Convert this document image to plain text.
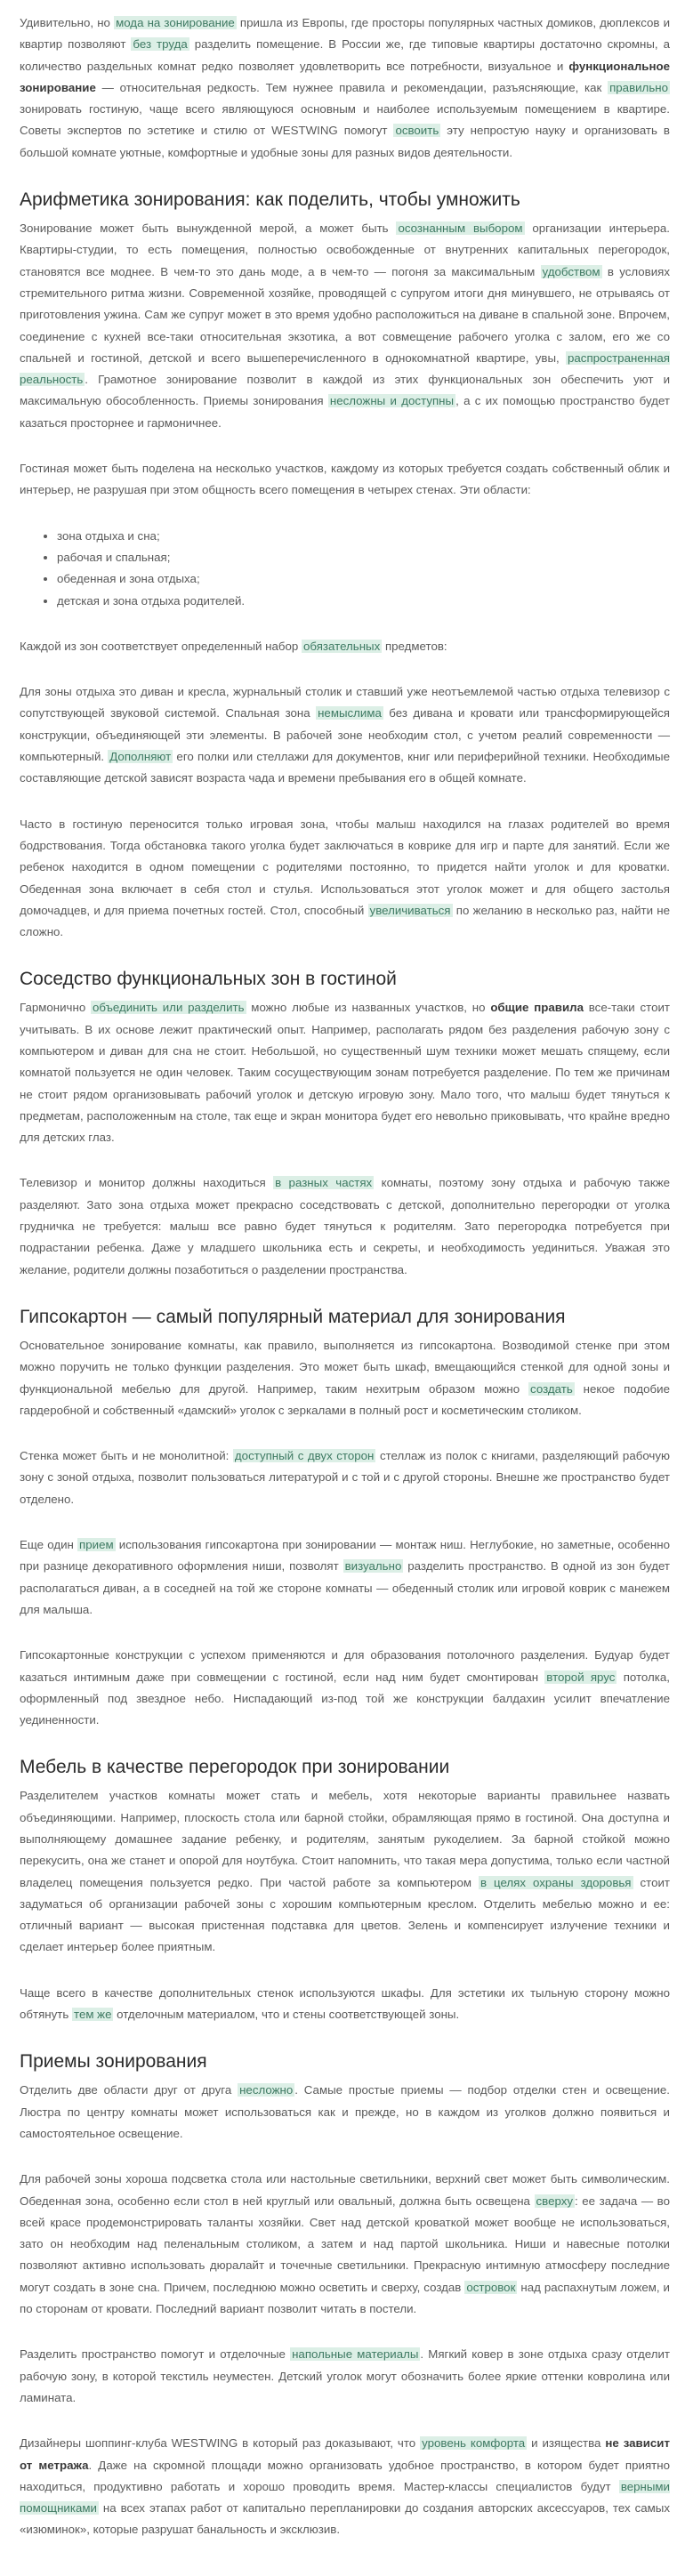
Удивительно, но мода на зонирование пришла из Европы, где просторы популярных частных домиков, дюплексов и квартир позволяют без труда разделить помещение. В России же, где типовые квартиры достаточно скромны, а количество раздельных комнат редко позволяет удовлетворить все потребности, визуальное и функциональное зонирование — относительная редкость. Тем нужнее правила и рекомендации, разъясняющие, как правильно зонировать гостиную, чаще всего являющуюся основным и наиболее используемым помещением в квартире. Советы экспертов по эстетике и стилю от WESTWING помогут освоить эту непростую науку и организовать в большой комнате уютные, комфортные и удобные зоны для разных видов деятельности.

Арифметика зонирования: как поделить, чтобы умножить

Зонирование может быть вынужденной мерой, а может быть осознанным выбором организации интерьера. Квартиры-студии, то есть помещения, полностью освобожденные от внутренних капитальных перегородок, становятся все моднее. В чем-то это дань моде, а в чем-то — погоня за максимальным удобством в условиях стремительного ритма жизни. Современной хозяйке, проводящей с супругом итоги дня минувшего, не отрываясь от приготовления ужина. Сам же супруг может в это время удобно расположиться на диване в спальной зоне. Впрочем, соединение с кухней все-таки относительная экзотика, а вот совмещение рабочего уголка с залом, его же со спальней и гостиной, детской и всего вышеперечисленного в однокомнатной квартире, увы, распространенная реальность . Грамотное зонирование позволит в каждой из этих функциональных зон обеспечить уют и максимальную обособленность. Приемы зонирования несложны и доступны , а с их помощью пространство будет казаться просторнее и гармоничнее.

Гостиная может быть поделена на несколько участков, каждому из которых требуется создать собственный облик и интерьер, не разрушая при этом общность всего помещения в четырех стенах. Эти области:

• зона отдыха и сна;
• рабочая и спальная;
• обеденная и зона отдыха;
• детская и зона отдыха родителей.

Каждой из зон соответствует определенный набор обязательных предметов:

Для зоны отдыха это диван и кресла, журнальный столик и ставший уже неотъемлемой частью отдыха телевизор с сопутствующей звуковой системой. Спальная зона немыслима без дивана и кровати или трансформирующейся конструкции, объединяющей эти элементы. В рабочей зоне необходим стол, с учетом реалий современности — компьютерный. Дополняют его полки или стеллажи для документов, книг или периферийной техники. Необходимые составляющие детской зависят возраста чада и времени пребывания его в общей комнате.

Часто в гостиную переносится только игровая зона, чтобы малыш находился на глазах родителей во время бодрствования. Тогда обстановка такого уголка будет заключаться в коврике для игр и парте для занятий. Если же ребенок находится в одном помещении с родителями постоянно, то придется найти уголок и для кроватки. Обеденная зона включает в себя стол и стулья. Использоваться этот уголок может и для общего застолья домочадцев, и для приема почетных гостей. Стол, способный увеличиваться по желанию в несколько раз, найти не сложно.

Соседство функциональных зон в гостиной

Гармонично объединить или разделить можно любые из названных участков, но общие правила все-таки стоит учитывать. В их основе лежит практический опыт. Например, располагать рядом без разделения рабочую зону с компьютером и диван для сна не стоит. Небольшой, но существенный шум техники может мешать спящему, если комнатой пользуется не один человек. Таким сосуществующим зонам потребуется разделение. По тем же причинам не стоит рядом организовывать рабочий уголок и детскую игровую зону. Мало того, что малыш будет тянуться к предметам, расположенным на столе, так еще и экран монитора будет его невольно приковывать, что крайне вредно для детских глаз.

Телевизор и монитор должны находиться в разных частях комнаты, поэтому зону отдыха и рабочую также разделяют. Зато зона отдыха может прекрасно соседствовать с детской, дополнительно перегородки от уголка грудничка не требуется: малыш все равно будет тянуться к родителям. Зато перегородка потребуется при подрастании ребенка. Даже у младшего школьника есть и секреты, и необходимость уединиться. Уважая это желание, родители должны позаботиться о разделении пространства.

Гипсокартон — самый популярный материал для зонирования

Основательное зонирование комнаты, как правило, выполняется из гипсокартона. Возводимой стенке при этом можно поручить не только функции разделения. Это может быть шкаф, вмещающийся стенкой для одной зоны и функциональной мебелью для другой. Например, таким нехитрым образом можно создать некое подобие гардеробной и собственный «дамский» уголок с зеркалами в полный рост и косметическим столиком.

Стенка может быть и не монолитной: доступный с двух сторон стеллаж из полок с книгами, разделяющий рабочую зону с зоной отдыха, позволит пользоваться литературой и с той и с другой стороны. Внешне же пространство будет отделено.

Еще один прием использования гипсокартона при зонировании — монтаж ниш. Неглубокие, но заметные, особенно при разнице декоративного оформления ниши, позволят визуально разделить пространство. В одной из зон будет располагаться диван, а в соседней на той же стороне комнаты — обеденный столик или игровой коврик с манежем для малыша.

Гипсокартонные конструкции с успехом применяются и для образования потолочного разделения. Будуар будет казаться интимным даже при совмещении с гостиной, если над ним будет смонтирован второй ярус потолка, оформленный под звездное небо. Ниспадающий из-под той же конструкции балдахин усилит впечатление уединенности.

Мебель в качестве перегородок при зонировании

Разделителем участков комнаты может стать и мебель, хотя некоторые варианты правильнее назвать объединяющими. Например, плоскость стола или барной стойки, обрамляющая прямо в гостиной. Она доступна и выполняющему домашнее задание ребенку, и родителям, занятым рукоделием. За барной стойкой можно перекусить, она же станет и опорой для ноутбука. Стоит напомнить, что такая мера допустима, только если частной владелец помещения пользуется редко. При частой работе за компьютером в целях охраны здоровья стоит задуматься об организации рабочей зоны с хорошим компьютерным креслом. Отделить мебелью можно и ее: отличный вариант — высокая пристенная подставка для цветов. Зелень и компенсирует излучение техники и сделает интерьер более приятным.

Чаще всего в качестве дополнительных стенок используются шкафы. Для эстетики их тыльную сторону можно обтянуть тем же отделочным материалом, что и стены соответствующей зоны.

Приемы зонирования

Отделить две области друг от друга несложно . Самые простые приемы — подбор отделки стен и освещение. Люстра по центру комнаты может использоваться как и прежде, но в каждом из уголков должно появиться и самостоятельное освещение.

Для рабочей зоны хороша подсветка стола или настольные светильники, верхний свет может быть символическим. Обеденная зона, особенно если стол в ней круглый или овальный, должна быть освещена сверху : ее задача — во всей красе продемонстрировать таланты хозяйки. Свет над детской кроваткой может вообще не использоваться, зато он необходим над пеленальным столиком, а затем и над партой школьника. Ниши и навесные потолки позволяют активно использовать дюралайт и точечные светильники. Прекрасную интимную атмосферу последние могут создать в зоне сна. Причем, последнюю можно осветить и сверху, создав островок над распахнутым ложем, и по сторонам от кровати. Последний вариант позволит читать в постели.

Разделить пространство помогут и отделочные напольные материалы . Мягкий ковер в зоне отдыха сразу отделит рабочую зону, в которой текстиль неуместен. Детский уголок могут обозначить более яркие оттенки ковролина или ламината.

Дизайнеры шоппинг-клуба WESTWING в который раз доказывают, что уровень комфорта и изящества не зависит от метража. Даже на скромной площади можно организовать удобное пространство, в котором будет приятно находиться, продуктивно работать и хорошо проводить время. Мастер-классы специалистов будут верными помощниками на всех этапах работ от капитально перепланировки до создания авторских аксессуаров, тех самых «изюминок», которые разрушат банальность и эксклюзив.
